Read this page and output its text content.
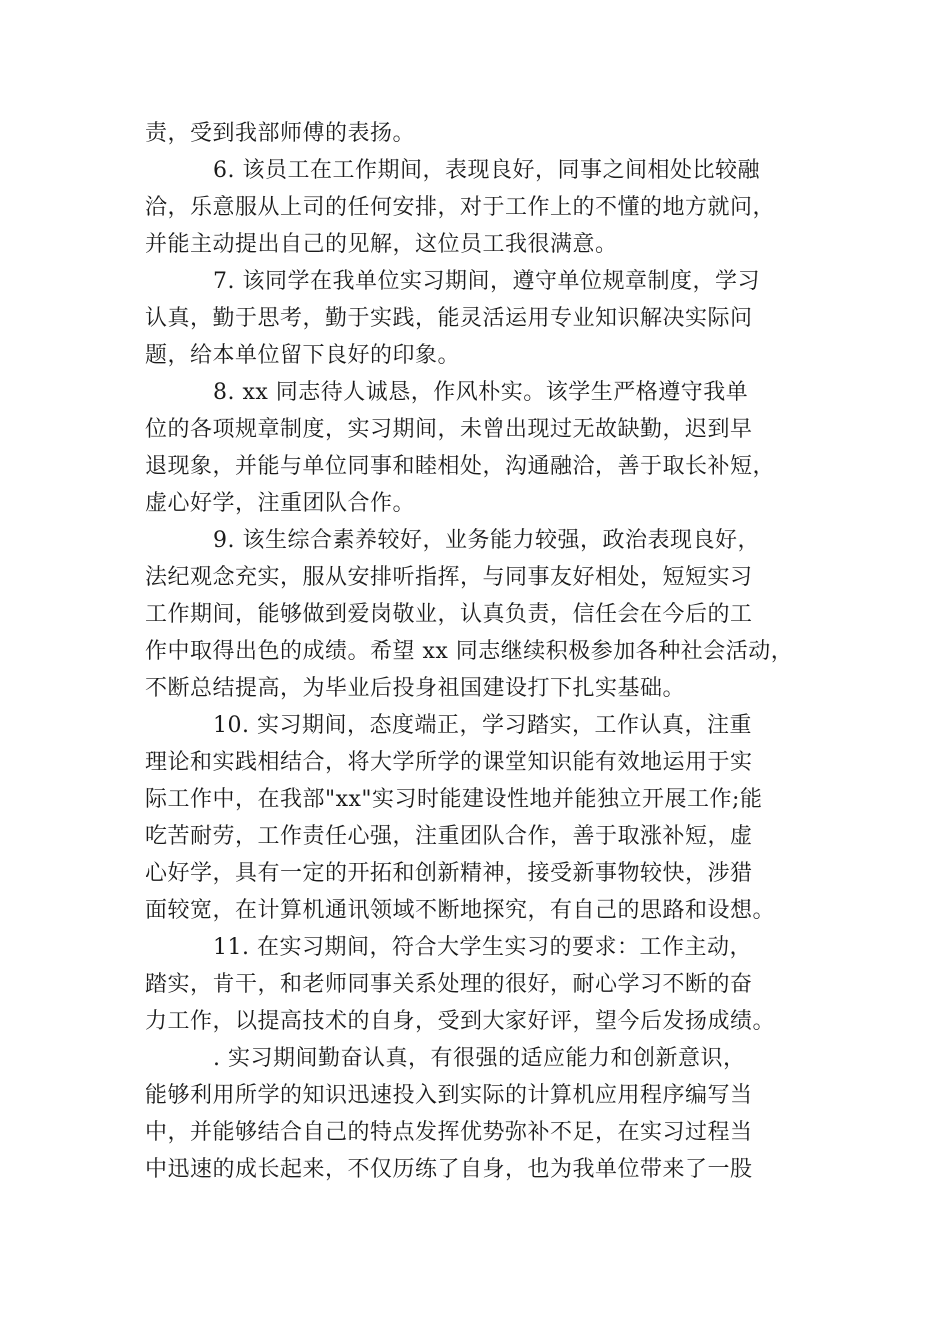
责，受到我部师傅的表扬。
6. 该员工在工作期间，表现良好，同事之间相处比较融
洽，乐意服从上司的任何安排，对于工作上的不懂的地方就问，
并能主动提出自己的见解，这位员工我很满意。
7. 该同学在我单位实习期间，遵守单位规章制度，学习
认真，勤于思考，勤于实践，能灵活运用专业知识解决实际问
题，给本单位留下良好的印象。
8. xx 同志待人诚恳，作风朴实。该学生严格遵守我单
位的各项规章制度，实习期间，未曾出现过无故缺勤，迟到早
退现象，并能与单位同事和睦相处，沟通融洽，善于取长补短，
虚心好学，注重团队合作。
9. 该生综合素养较好，业务能力较强，政治表现良好，
法纪观念充实，服从安排听指挥，与同事友好相处，短短实习
工作期间，能够做到爱岗敬业，认真负责，信任会在今后的工
作中取得出色的成绩。希望 xx 同志继续积极参加各种社会活动，
不断总结提高，为毕业后投身祖国建设打下扎实基础。
10. 实习期间，态度端正，学习踏实，工作认真，注重
理论和实践相结合，将大学所学的课堂知识能有效地运用于实
际工作中，在我部"xx"实习时能建设性地并能独立开展工作;能
吃苦耐劳，工作责任心强，注重团队合作，善于取涨补短，虚
心好学，具有一定的开拓和创新精神，接受新事物较快，涉猎
面较宽，在计算机通讯领域不断地探究，有自己的思路和设想。
11. 在实习期间，符合大学生实习的要求：工作主动，
踏实，肯干，和老师同事关系处理的很好，耐心学习不断的奋
力工作，以提高技术的自身，受到大家好评，望今后发扬成绩。
. 实习期间勤奋认真，有很强的适应能力和创新意识，
能够利用所学的知识迅速投入到实际的计算机应用程序编写当
中，并能够结合自己的特点发挥优势弥补不足，在实习过程当
中迅速的成长起来，不仅历练了自身，也为我单位带来了一股
